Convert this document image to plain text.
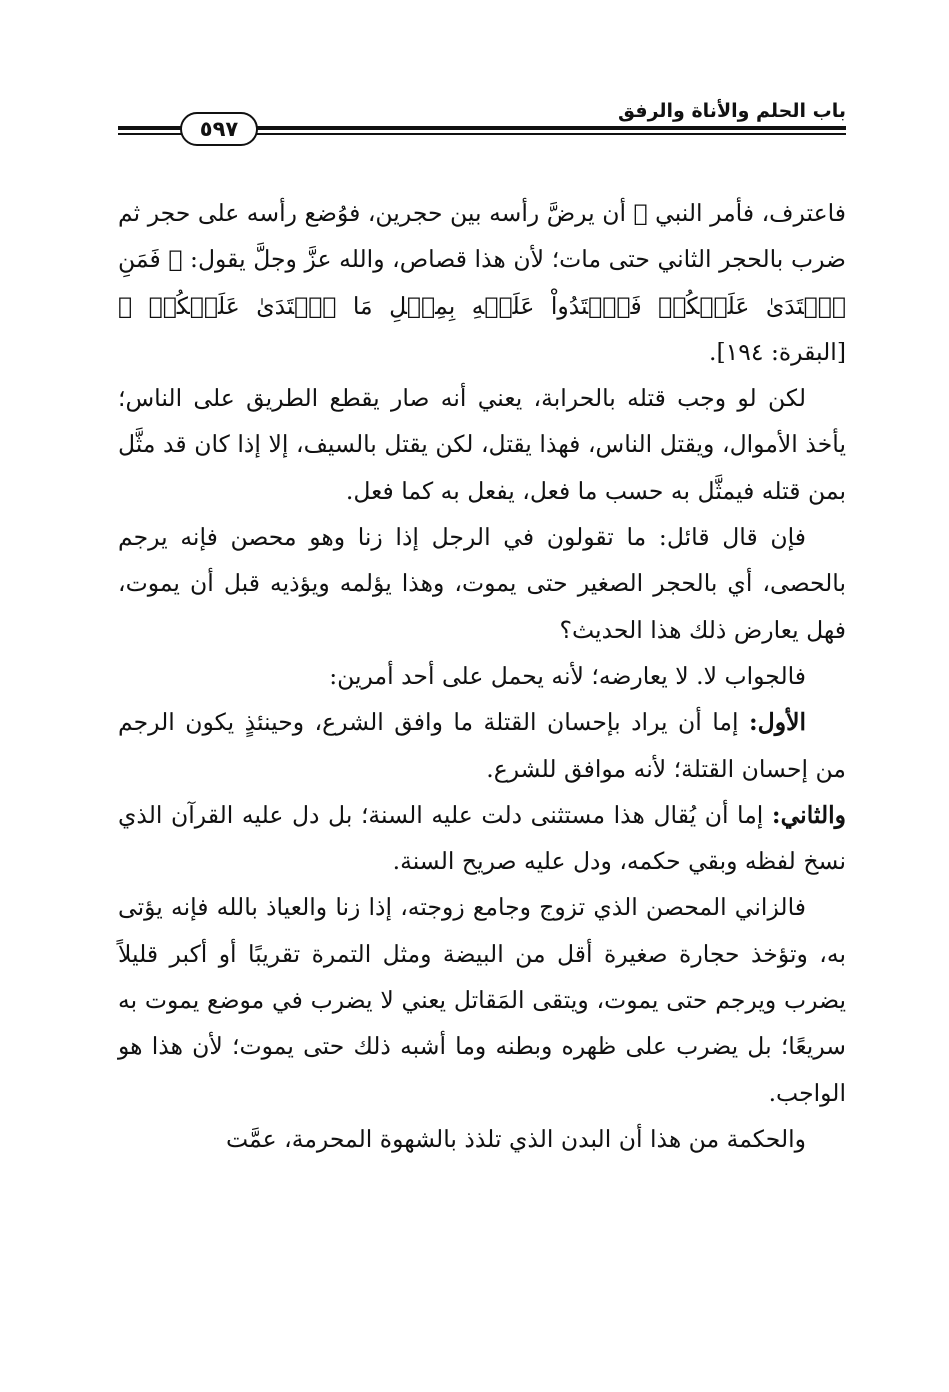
٥٩٧
باب الحلم والأناة والرفق

فاعترف، فأمر النبي ﷺ أن يرضَّ رأسه بين حجرين، فوُضع رأسه على حجر ثم ضرب بالحجر الثاني حتى مات؛ لأن هذا قصاص، والله عزَّ وجلَّ يقول: ﴿ فَمَنِ ٱعۡتَدَىٰ عَلَيۡكُمۡ فَٱعۡتَدُواْ عَلَيۡهِ بِمِثۡلِ مَا ٱعۡتَدَىٰ عَلَيۡكُمۡ ﴾ [البقرة: ١٩٤].

لكن لو وجب قتله بالحرابة، يعني أنه صار يقطع الطريق على الناس؛ يأخذ الأموال، ويقتل الناس، فهذا يقتل، لكن يقتل بالسيف، إلا إذا كان قد مثَّل بمن قتله فيمثَّل به حسب ما فعل، يفعل به كما فعل.

فإن قال قائل: ما تقولون في الرجل إذا زنا وهو محصن فإنه يرجم بالحصى، أي بالحجر الصغير حتى يموت، وهذا يؤلمه ويؤذيه قبل أن يموت، فهل يعارض ذلك هذا الحديث؟

فالجواب لا. لا يعارضه؛ لأنه يحمل على أحد أمرين:

الأول: إما أن يراد بإحسان القتلة ما وافق الشرع، وحينئذٍ يكون الرجم من إحسان القتلة؛ لأنه موافق للشرع.

والثاني: إما أن يُقال هذا مستثنى دلت عليه السنة؛ بل دل عليه القرآن الذي نسخ لفظه وبقي حكمه، ودل عليه صريح السنة.

فالزاني المحصن الذي تزوج وجامع زوجته، إذا زنا والعياذ بالله فإنه يؤتى به، وتؤخذ حجارة صغيرة أقل من البيضة ومثل التمرة تقريبًا أو أكبر قليلاً يضرب ويرجم حتى يموت، ويتقى المَقاتل يعني لا يضرب في موضع يموت به سريعًا؛ بل يضرب على ظهره وبطنه وما أشبه ذلك حتى يموت؛ لأن هذا هو الواجب.

والحكمة من هذا أن البدن الذي تلذذ بالشهوة المحرمة، عمَّت
